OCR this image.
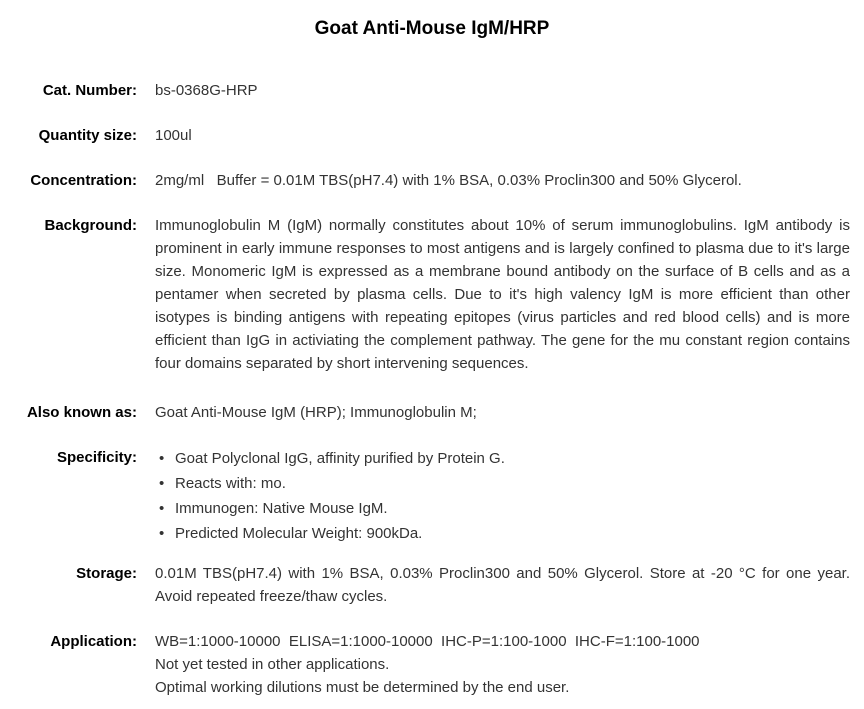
Goat Anti-Mouse IgM/HRP
Cat. Number: bs-0368G-HRP
Quantity size: 100ul
Concentration: 2mg/ml   Buffer = 0.01M TBS(pH7.4) with 1% BSA, 0.03% Proclin300 and 50% Glycerol.
Background: Immunoglobulin M (IgM) normally constitutes about 10% of serum immunoglobulins. IgM antibody is prominent in early immune responses to most antigens and is largely confined to plasma due to it's large size. Monomeric IgM is expressed as a membrane bound antibody on the surface of B cells and as a pentamer when secreted by plasma cells. Due to it's high valency IgM is more efficient than other isotypes is binding antigens with repeating epitopes (virus particles and red blood cells) and is more efficient than IgG in activiating the complement pathway. The gene for the mu constant region contains four domains separated by short intervening sequences.
Also known as: Goat Anti-Mouse IgM (HRP); Immunoglobulin M;
Specificity:	• Goat Polyclonal IgG, affinity purified by Protein G.
• Reacts with: mo.
• Immunogen: Native Mouse IgM.
• Predicted Molecular Weight: 900kDa.
Storage: 0.01M TBS(pH7.4) with 1% BSA, 0.03% Proclin300 and 50% Glycerol. Store at -20 °C for one year. Avoid repeated freeze/thaw cycles.
Application: WB=1:1000-10000  ELISA=1:1000-10000  IHC-P=1:100-1000  IHC-F=1:100-1000
Not yet tested in other applications.
Optimal working dilutions must be determined by the end user.
